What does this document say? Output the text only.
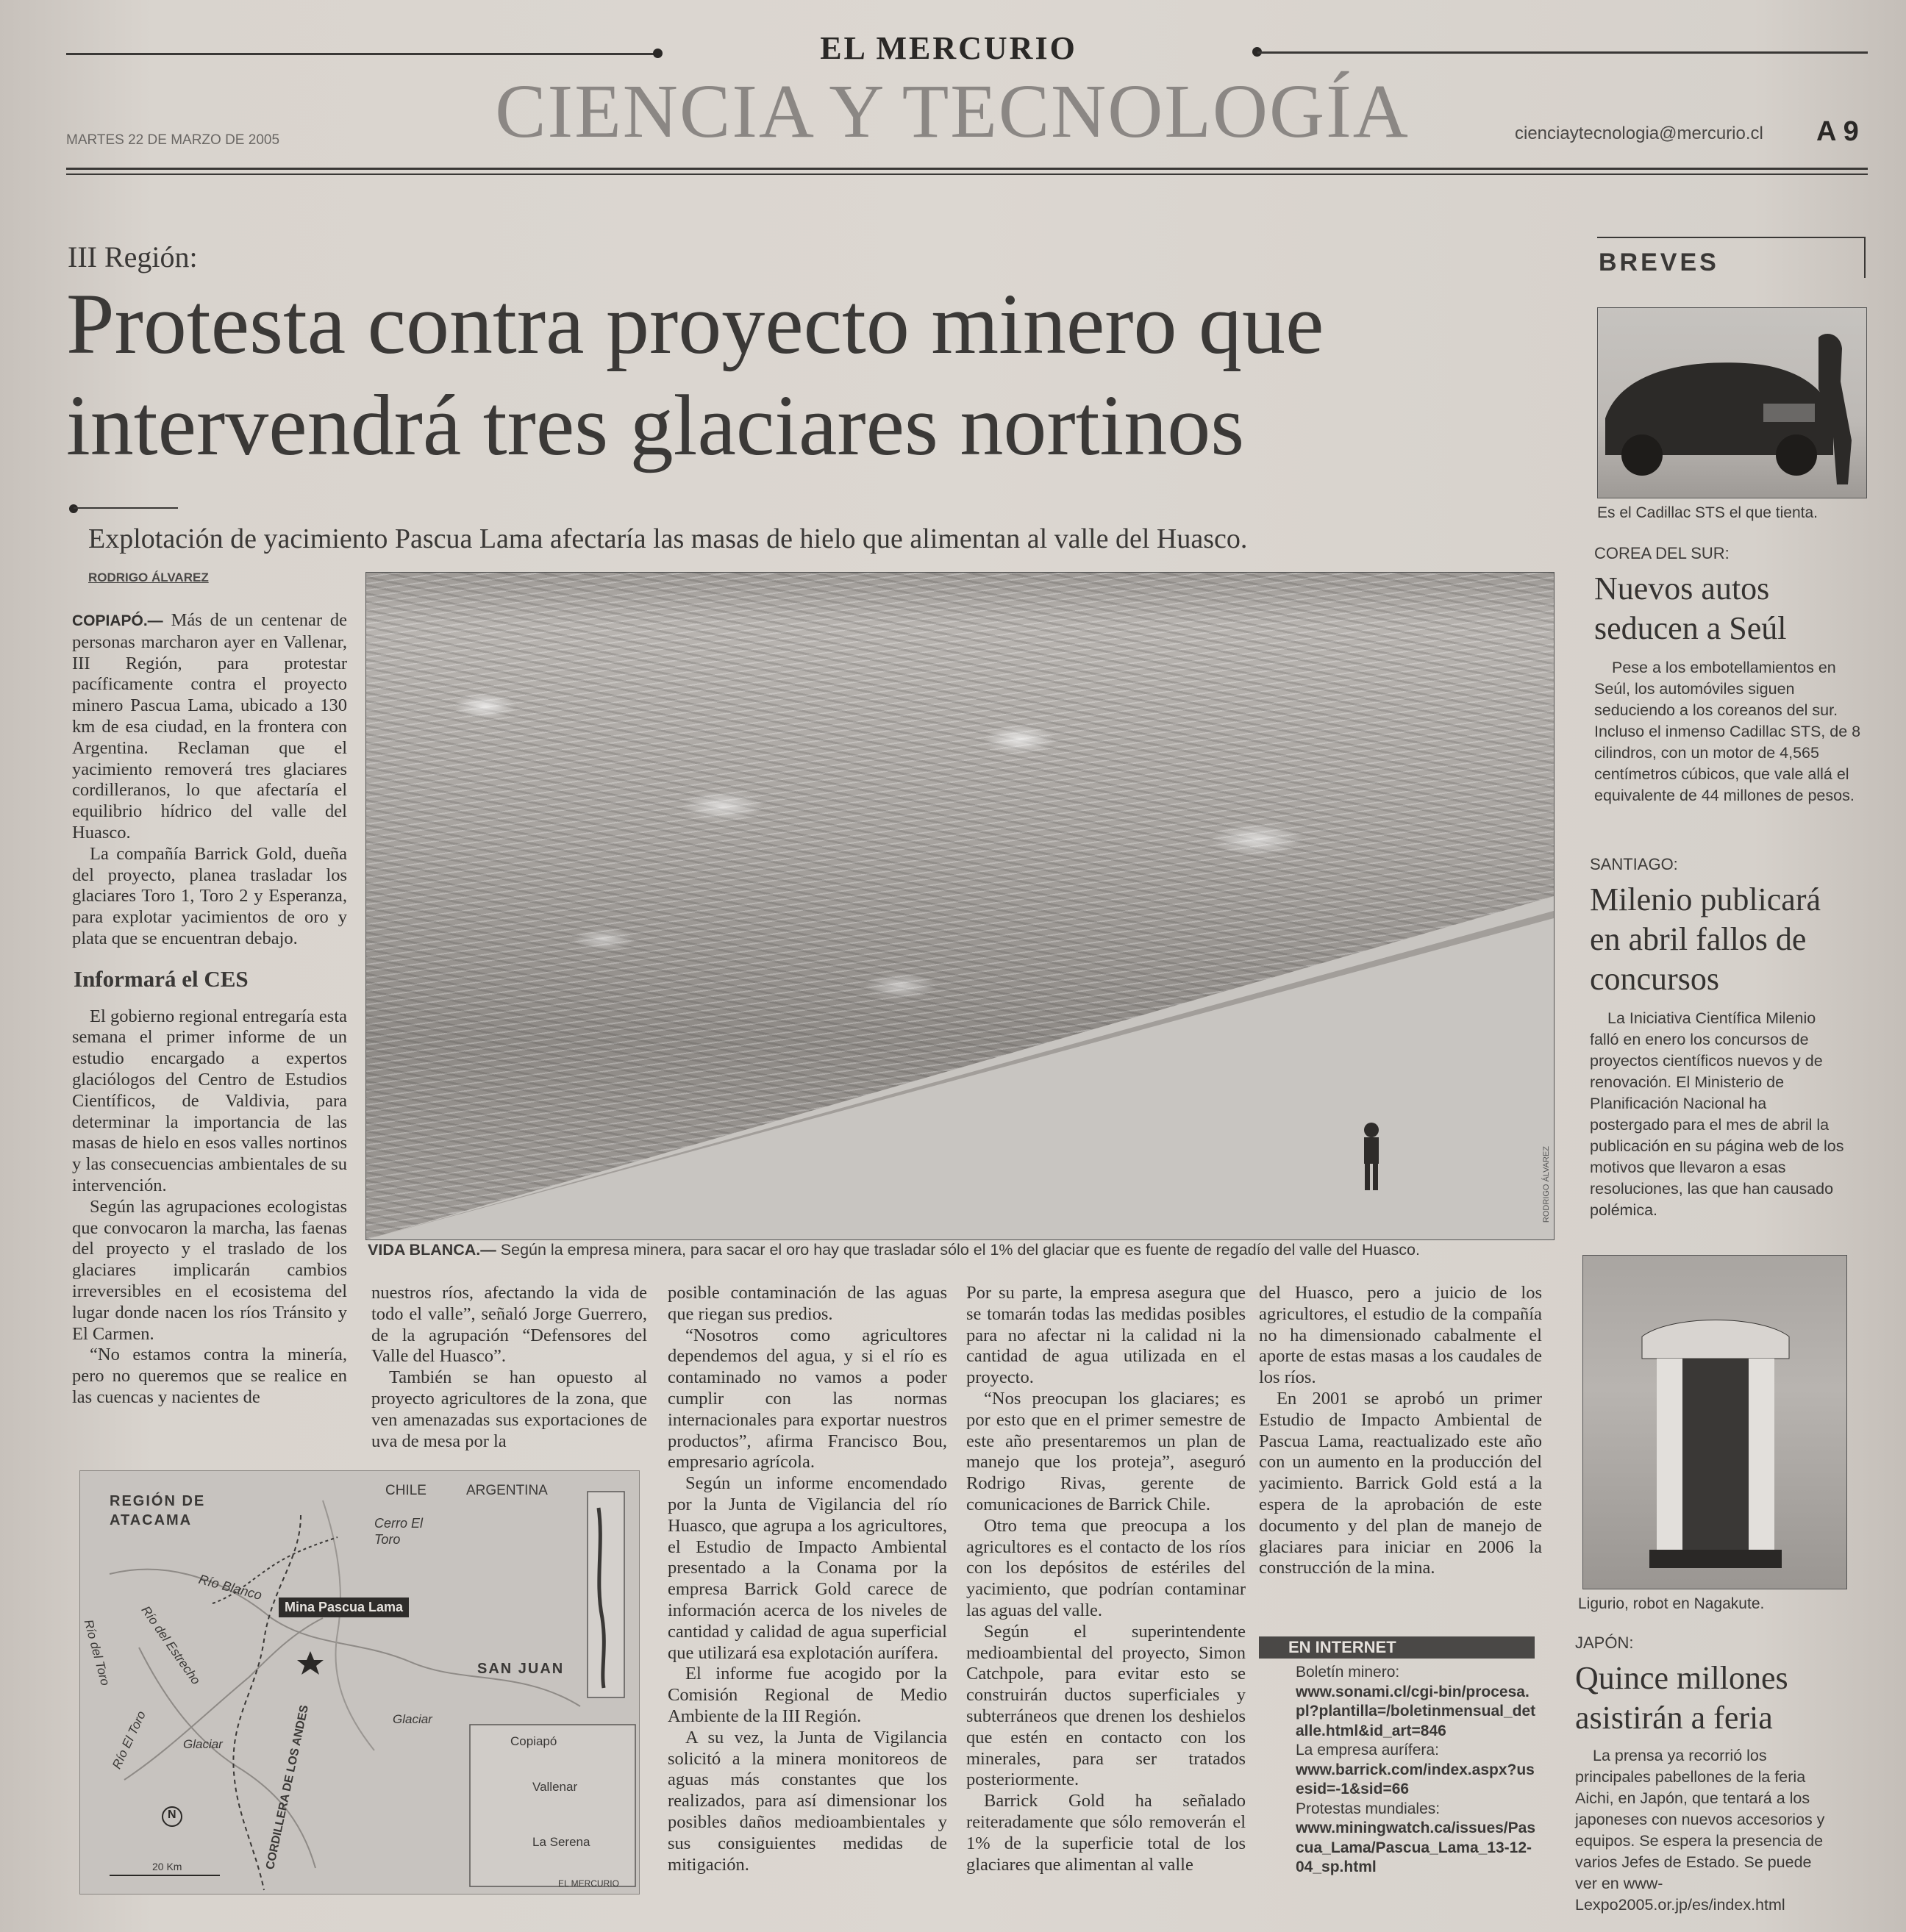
EL MERCURIO
CIENCIA Y TECNOLOGÍA
MARTES 22 DE MARZO DE 2005	cienciaytecnologia@mercurio.cl A 9
III Región:
Protesta contra proyecto minero que
intervendrá tres glaciares nortinos
Explotación de yacimiento Pascua Lama afectaría las masas de hielo que alimentan al valle del Huasco.
RODRIGO ÁLVAREZ
RODRIGO ÁLVAREZ
VIDA BLANCA.— Según la empresa minera, para sacar el oro hay que trasladar sólo el 1% del glaciar que es fuente de regadío del valle del Huasco.

COPIAPÓ.— Más de un centenar de personas marcharon ayer en Vallenar, III Región, para protestar pacíficamente contra el proyecto minero Pascua Lama, ubicado a 130 km de esa ciudad, en la frontera con Argentina. Reclaman que el yacimiento removerá tres glaciares cordilleranos, lo que afectaría el equilibrio hídrico del valle del Huasco.

La compañía Barrick Gold, dueña del proyecto, planea trasladar los glaciares Toro 1, Toro 2 y Esperanza, para explotar yacimientos de oro y plata que se encuentran debajo.

Informará el CES

El gobierno regional entregaría esta semana el primer informe de un estudio encargado a expertos glaciólogos del Centro de Estudios Científicos, de Valdivia, para determinar la importancia de las masas de hielo en esos valles nortinos y las consecuencias ambientales de su intervención.

Según las agrupaciones ecologistas que convocaron la marcha, las faenas del proyecto y el traslado de los glaciares implicarán cambios irreversibles en el ecosistema del lugar donde nacen los ríos Tránsito y El Carmen.

“No estamos contra la minería, pero no queremos que se realice en las cuencas y nacientes de

nuestros ríos, afectando la vida de todo el valle”, señaló Jorge Guerrero, de la agrupación “Defensores del Valle del Huasco”.

También se han opuesto al proyecto agricultores de la zona, que ven amenazadas sus exportaciones de uva de mesa por la

posible contaminación de las aguas que riegan sus predios.

“Nosotros como agricultores dependemos del agua, y si el río es contaminado no vamos a poder cumplir con las normas internacionales para exportar nuestros productos”, afirma Francisco Bou, empresario agrícola.

Según un informe encomendado por la Junta de Vigilancia del río Huasco, que agrupa a los agricultores, el Estudio de Impacto Ambiental presentado a la Conama por la empresa Barrick Gold carece de información acerca de los niveles de cantidad y calidad de agua superficial que utilizará esa explotación aurífera.

El informe fue acogido por la Comisión Regional de Medio Ambiente de la III Región.

A su vez, la Junta de Vigilancia solicitó a la minera monitoreos de aguas más constantes que los realizados, para así dimensionar los posibles daños medioambientales y sus consiguientes medidas de mitigación.

Por su parte, la empresa asegura que se tomarán todas las medidas posibles para no afectar ni la calidad ni la cantidad de agua utilizada en el proyecto.

“Nos preocupan los glaciares; es por esto que en el primer semestre de este año presentaremos un plan de manejo que los proteja”, aseguró Rodrigo Rivas, gerente de comunicaciones de Barrick Chile.

Otro tema que preocupa a los agricultores es el contacto de los ríos con los depósitos de estériles del yacimiento, que podrían contaminar las aguas del valle.

Según el superintendente medioambiental del proyecto, Simon Catchpole, para evitar esto se construirán ductos superficiales y subterráneos que drenen los deshielos que estén en contacto con los minerales, para ser tratados posteriormente.

Barrick Gold ha señalado reiteradamente que sólo removerán el 1% de la superficie total de los glaciares que alimentan al valle

del Huasco, pero a juicio de los agricultores, el estudio de la compañía no ha dimensionado cabalmente el aporte de estas masas a los caudales de los ríos.

En 2001 se aprobó un primer Estudio de Impacto Ambiental de Pascua Lama, reactualizado este año con un aumento en la producción del yacimiento. Barrick Gold está a la espera de la aprobación de este documento y del plan de manejo de glaciares para iniciar en 2006 la construcción de la mina.

EN INTERNET
Boletín minero:
www.sonami.cl/cgi-bin/procesa.pl?plantilla=/boletinmensual_detalle.html&id_art=846
La empresa aurífera:
www.barrick.com/index.aspx?usesid=-1&sid=66
Protestas mundiales:
www.miningwatch.ca/issues/Pascua_Lama/Pascua_Lama_13-12-04_sp.html
REGIÓN DE ATACAMA
CHILE	ARGENTINA
Cerro El Toro
Río Blanco
Mina Pascua Lama
Río del Toro Río del Estrecho
Río El Toro
SAN JUAN
Glaciar
Glaciar
CORDILLERA DE LOS ANDES	Copiapó
Vallenar
La Serena
20 Km
N
EL MERCURIO
BREVES
Es el Cadillac STS el que tienta.
COREA DEL SUR:
Nuevos autos seducen a Seúl
Pese a los embotellamientos en Seúl, los automóviles siguen seduciendo a los coreanos del sur. Incluso el inmenso Cadillac STS, de 8 cilindros, con un motor de 4,565 centímetros cúbicos, que vale allá el equivalente de 44 millones de pesos.
SANTIAGO:
Milenio publicará en abril fallos de concursos
La Iniciativa Científica Milenio falló en enero los concursos de proyectos científicos nuevos y de renovación. El Ministerio de Planificación Nacional ha postergado para el mes de abril la publicación en su página web de los motivos que llevaron a esas resoluciones, las que han causado polémica.
Ligurio, robot en Nagakute.
JAPÓN:
Quince millones asistirán a feria
La prensa ya recorrió los principales pabellones de la feria Aichi, en Japón, que tentará a los japoneses con nuevos accesorios y equipos. Se espera la presencia de varios Jefes de Estado. Se puede ver en www-Lexpo2005.or.jp/es/index.html
